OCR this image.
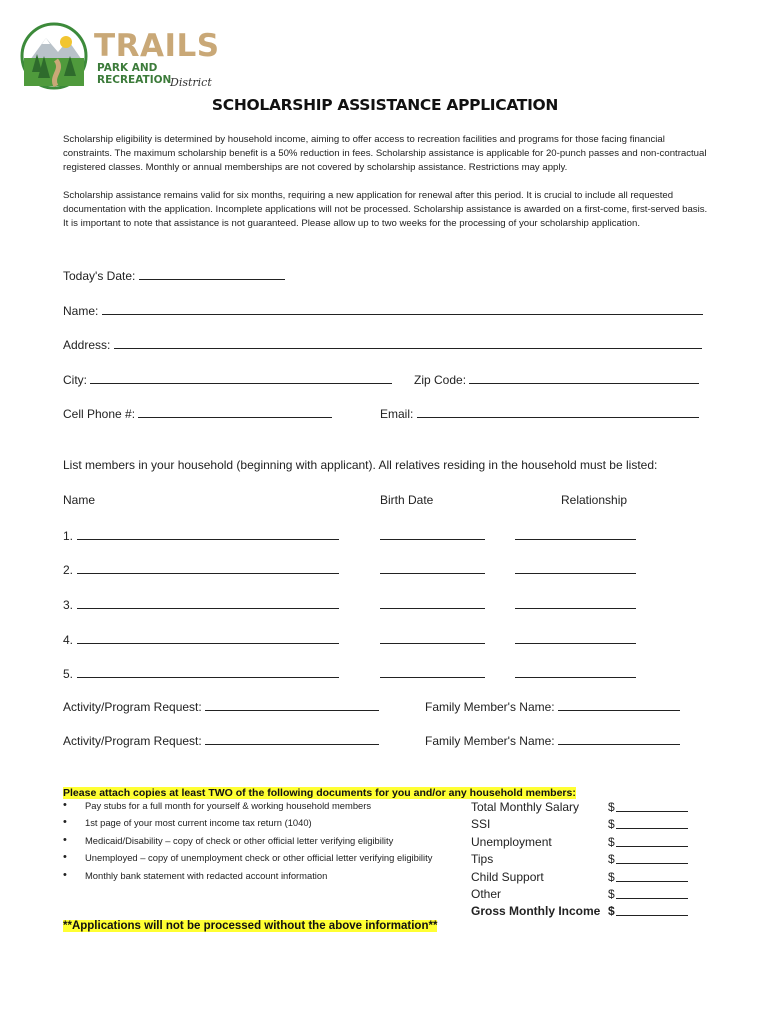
TRAILS
PARK AND RECREATION
District
SCHOLARSHIP ASSISTANCE APPLICATION
Scholarship eligibility is determined by household income, aiming to offer access to recreation facilities and programs for those facing financial constraints. The maximum scholarship benefit is a 50% reduction in fees. Scholarship assistance is applicable for 20-punch passes and non-contractual registered classes. Monthly or annual memberships are not covered by scholarship assistance. Restrictions may apply.
Scholarship assistance remains valid for six months, requiring a new application for renewal after this period. It is crucial to include all requested documentation with the application. Incomplete applications will not be processed. Scholarship assistance is awarded on a first-come, first-served basis. It is important to note that assistance is not guaranteed. Please allow up to two weeks for the processing of your scholarship application.
Today's Date:
Name:
Address:
City:	Zip Code:
Cell Phone #:	Email:
List members in your household (beginning with applicant). All relatives residing in the household must be listed:
Name	Birth Date	Relationship
1.
2.
3.
4.
5.
Activity/Program Request:	Family Member's Name:
Activity/Program Request:	Family Member's Name:
Please attach copies at least TWO of the following documents for you and/or any household members:
• Pay stubs for a full month for yourself & working household members
• 1st page of your most current income tax return (1040)
• Medicaid/Disability – copy of check or other official letter verifying eligibility
• Unemployed – copy of unemployment check or other official letter verifying eligibility
• Monthly bank statement with redacted account information
Total Monthly Salary $
SSI	$
Unemployment	$
Tips	$
Child Support	$
Other	$
Gross Monthly Income $
**Applications will not be processed without the above information**
